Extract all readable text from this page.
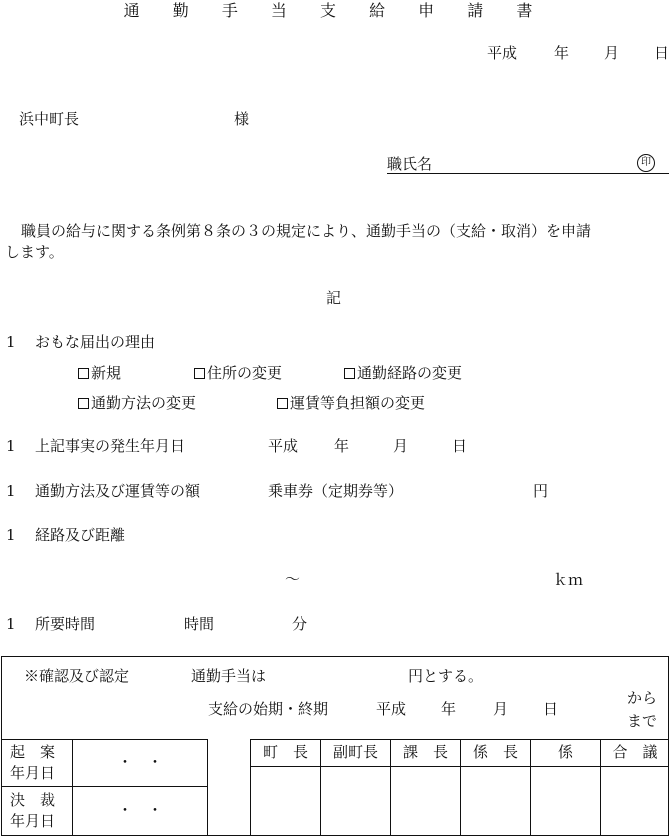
通 勤 手 当 支 給 申 請 書
平成 年 月 日
浜中町長	様
職氏名	印
職員の給与に関する条例第８条の３の規定により、通勤手当の（支給・取消）を申請
します。
記
1 おもな届出の理由
新規	住所の変更	通勤経路の変更
通勤方法の変更	運賃等負担額の変更
1 上記事実の発生年月日	平成 年	月	日
1 通勤方法及び運賃等の額	乗車券（定期券等）	円
1 経路及び距離
〜	ｋｍ
1 所要時間	時間	分
※確認及び認定	通勤手当は	円とする。
支給の始期・終期	平成 年 月 日
から
まで
起　案
年月日
・　・
決　裁
年月日
・　・
町　長	副町長	課　長	係　長	係	合　議
